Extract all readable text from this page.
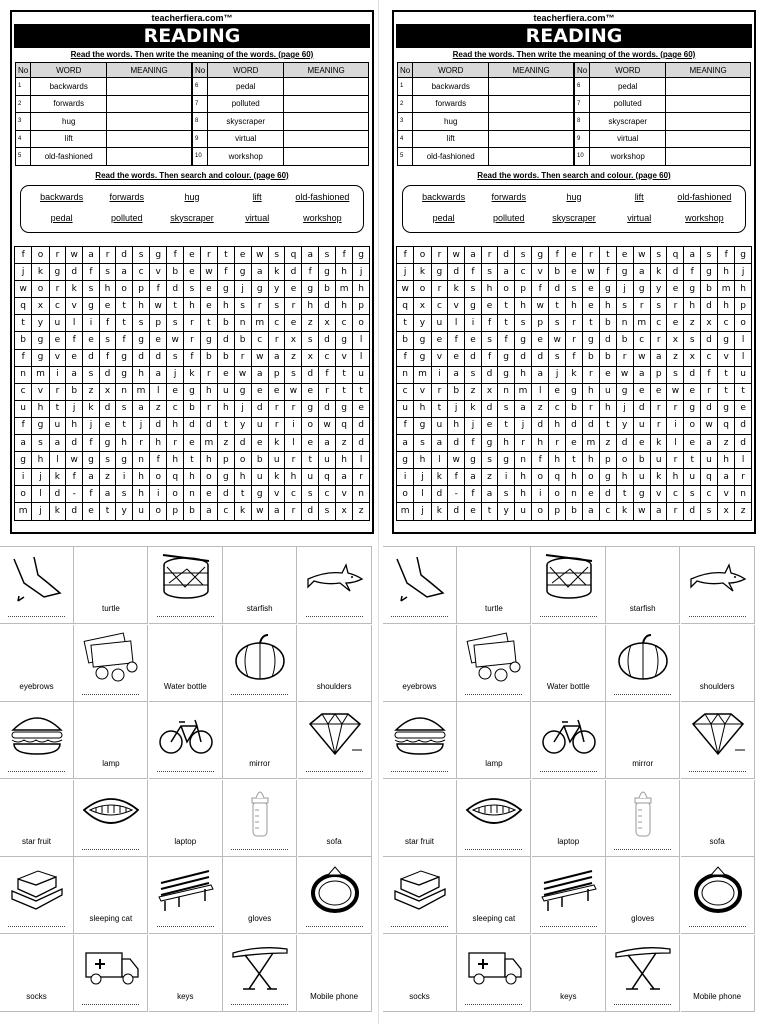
teacherfiera.com™
READING
Read the words. Then write the meaning of the words. (page 60)
No	WORD	MEANING
1	backwards	
2	forwards	
3	hug	
4	lift	
5	old-fashioned	
No	WORD	MEANING
6	pedal	
7	polluted	
8	skyscraper	
9	virtual	
10	workshop	
Read the words. Then search and colour. (page 60)
backwards	forwards	hug	lift	old-fashioned
pedal	polluted	skyscraper	virtual	workshop
f	o	r	w	a	r	d	s	g	f	e	r	t	e	w	s	q	a	s	f	g
j	k	g	d	f	s	a	c	v	b	e	w	f	g	a	k	d	f	g	h	j
w	o	r	k	s	h	o	p	f	d	s	e	g	j	g	y	e	g	b	m	h
q	x	c	v	g	e	t	h	w	t	h	e	h	s	r	s	r	h	d	h	p
t	y	u	l	i	f	t	s	p	s	r	t	b	n	m	c	e	z	x	c	o
b	g	e	f	e	s	f	g	e	w	r	g	d	b	c	r	x	s	d	g	l
f	g	v	e	d	f	g	d	d	s	f	b	b	r	w	a	z	x	c	v	l
n	m	i	a	s	d	g	h	a	j	k	r	e	w	a	p	s	d	f	t	u
c	v	r	b	z	x	n	m	l	e	g	h	u	g	e	e	w	e	r	t	t
u	h	t	j	k	d	s	a	z	c	b	r	h	j	d	r	r	g	d	g	e
f	g	u	h	j	e	t	j	d	h	d	d	t	y	u	r	i	o	w	q	d
a	s	a	d	f	g	h	r	h	r	e	m	z	d	e	k	l	e	a	z	d
g	h	l	w	g	s	g	n	f	h	t	h	p	o	b	u	r	t	u	h	l
i	j	k	f	a	z	i	h	o	q	h	o	g	h	u	k	h	u	q	a	r
o	l	d	-	f	a	s	h	i	o	n	e	d	t	g	v	c	s	c	v	n
m	j	k	d	e	t	y	u	o	p	b	a	c	k	w	a	r	d	s	x	z
teacherfiera.com™
READING
Read the words. Then write the meaning of the words. (page 60)
No	WORD	MEANING
1	backwards	
2	forwards	
3	hug	
4	lift	
5	old-fashioned	
No	WORD	MEANING
6	pedal	
7	polluted	
8	skyscraper	
9	virtual	
10	workshop	
Read the words. Then search and colour. (page 60)
backwards	forwards	hug	lift	old-fashioned
pedal	polluted	skyscraper	virtual	workshop
f	o	r	w	a	r	d	s	g	f	e	r	t	e	w	s	q	a	s	f	g
j	k	g	d	f	s	a	c	v	b	e	w	f	g	a	k	d	f	g	h	j
w	o	r	k	s	h	o	p	f	d	s	e	g	j	g	y	e	g	b	m	h
q	x	c	v	g	e	t	h	w	t	h	e	h	s	r	s	r	h	d	h	p
t	y	u	l	i	f	t	s	p	s	r	t	b	n	m	c	e	z	x	c	o
b	g	e	f	e	s	f	g	e	w	r	g	d	b	c	r	x	s	d	g	l
f	g	v	e	d	f	g	d	d	s	f	b	b	r	w	a	z	x	c	v	l
n	m	i	a	s	d	g	h	a	j	k	r	e	w	a	p	s	d	f	t	u
c	v	r	b	z	x	n	m	l	e	g	h	u	g	e	e	w	e	r	t	t
u	h	t	j	k	d	s	a	z	c	b	r	h	j	d	r	r	g	d	g	e
f	g	u	h	j	e	t	j	d	h	d	d	t	y	u	r	i	o	w	q	d
a	s	a	d	f	g	h	r	h	r	e	m	z	d	e	k	l	e	a	z	d
g	h	l	w	g	s	g	n	f	h	t	h	p	o	b	u	r	t	u	h	l
i	j	k	f	a	z	i	h	o	q	h	o	g	h	u	k	h	u	q	a	r
o	l	d	-	f	a	s	h	i	o	n	e	d	t	g	v	c	s	c	v	n
m	j	k	d	e	t	y	u	o	p	b	a	c	k	w	a	r	d	s	x	z
turtle	starfish
eyebrows	Water bottle	shoulders
lamp	mirror
star fruit	laptop	sofa
sleeping cat	gloves
socks	keys	Mobile phone
turtle	starfish
eyebrows	Water bottle	shoulders
lamp	mirror
star fruit	laptop	sofa
sleeping cat	gloves
socks	keys	Mobile phone
